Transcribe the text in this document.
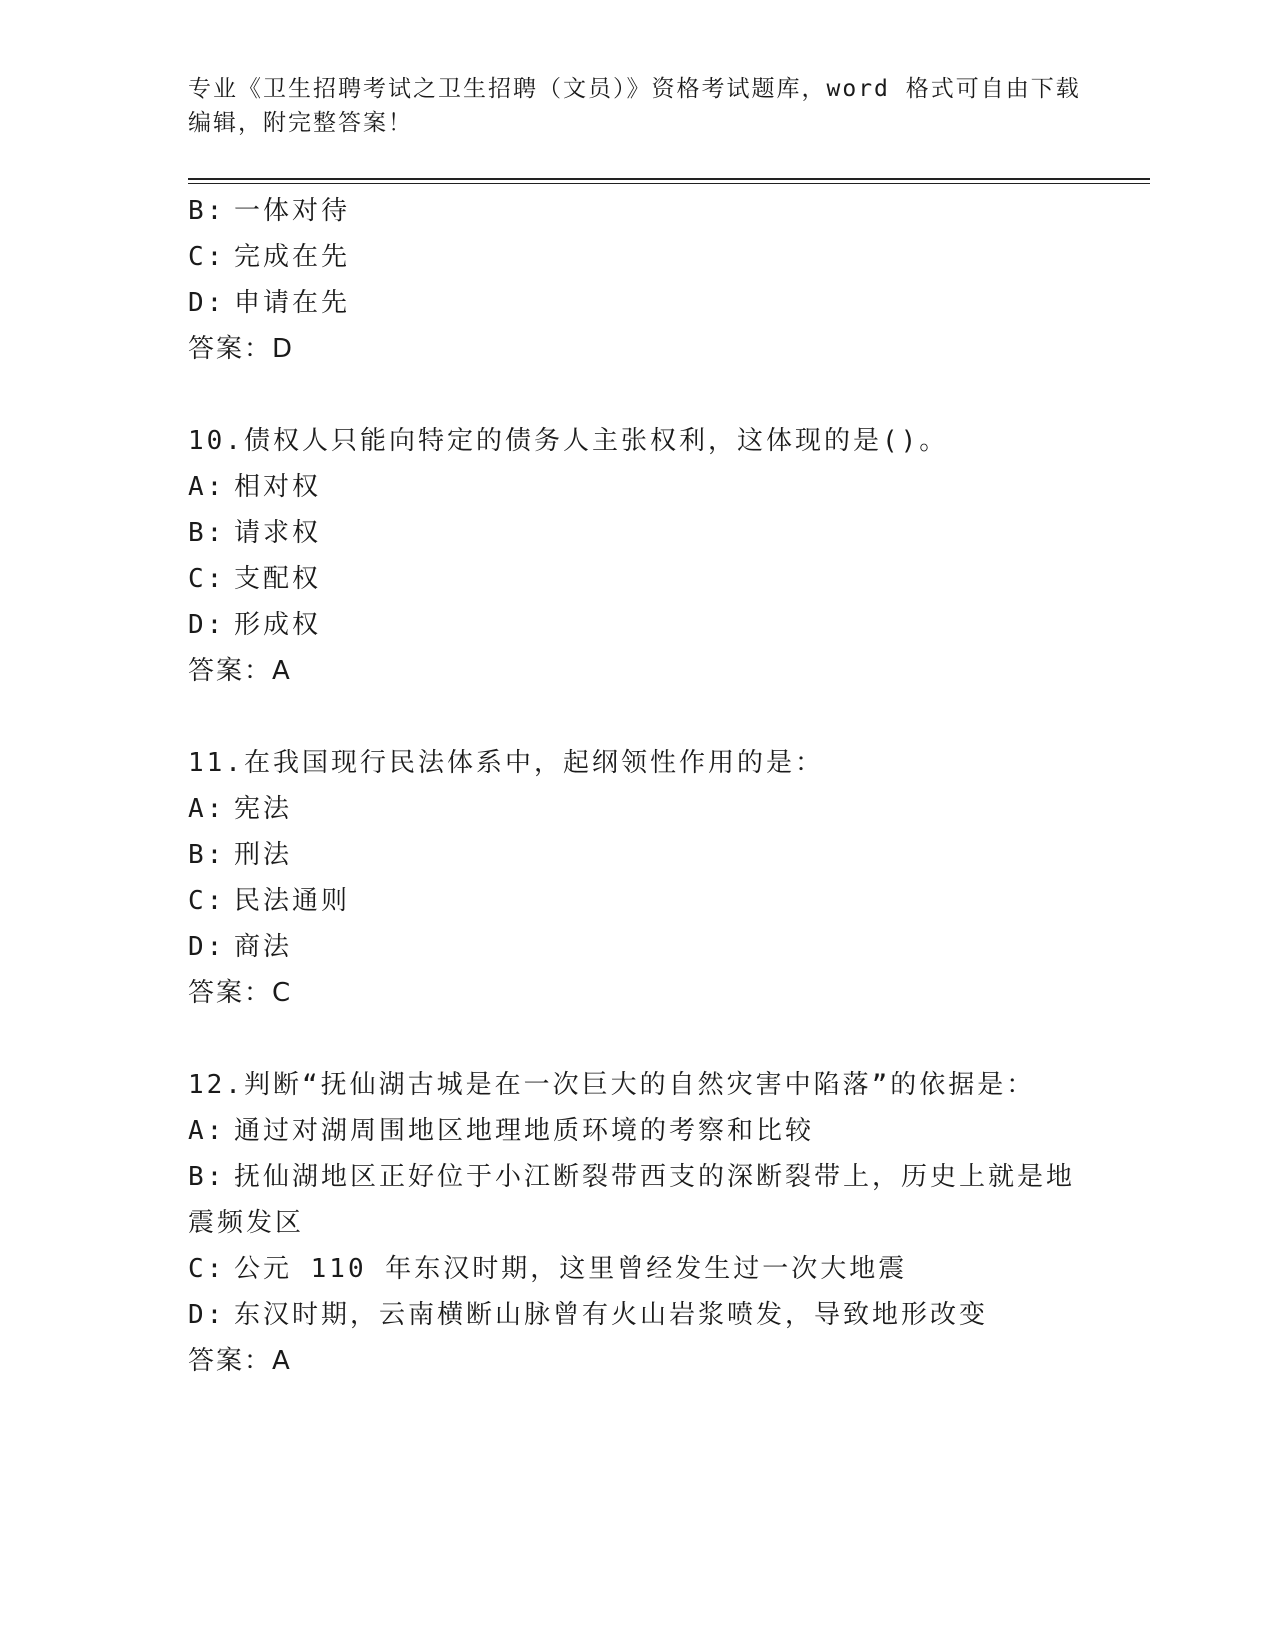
专业《卫生招聘考试之卫生招聘（文员）》资格考试题库，word 格式可自由下载
编辑，附完整答案！
B: 一体对待
C: 完成在先
D: 申请在先
答案：D
10.债权人只能向特定的债务人主张权利，这体现的是()。
A: 相对权
B: 请求权
C: 支配权
D: 形成权
答案：A
11.在我国现行民法体系中，起纲领性作用的是：
A: 宪法
B: 刑法
C: 民法通则
D: 商法
答案：C
12.判断“抚仙湖古城是在一次巨大的自然灾害中陷落”的依据是：
A: 通过对湖周围地区地理地质环境的考察和比较
B: 抚仙湖地区正好位于小江断裂带西支的深断裂带上，历史上就是地
震频发区
C: 公元 110 年东汉时期，这里曾经发生过一次大地震
D: 东汉时期，云南横断山脉曾有火山岩浆喷发，导致地形改变
答案：A
